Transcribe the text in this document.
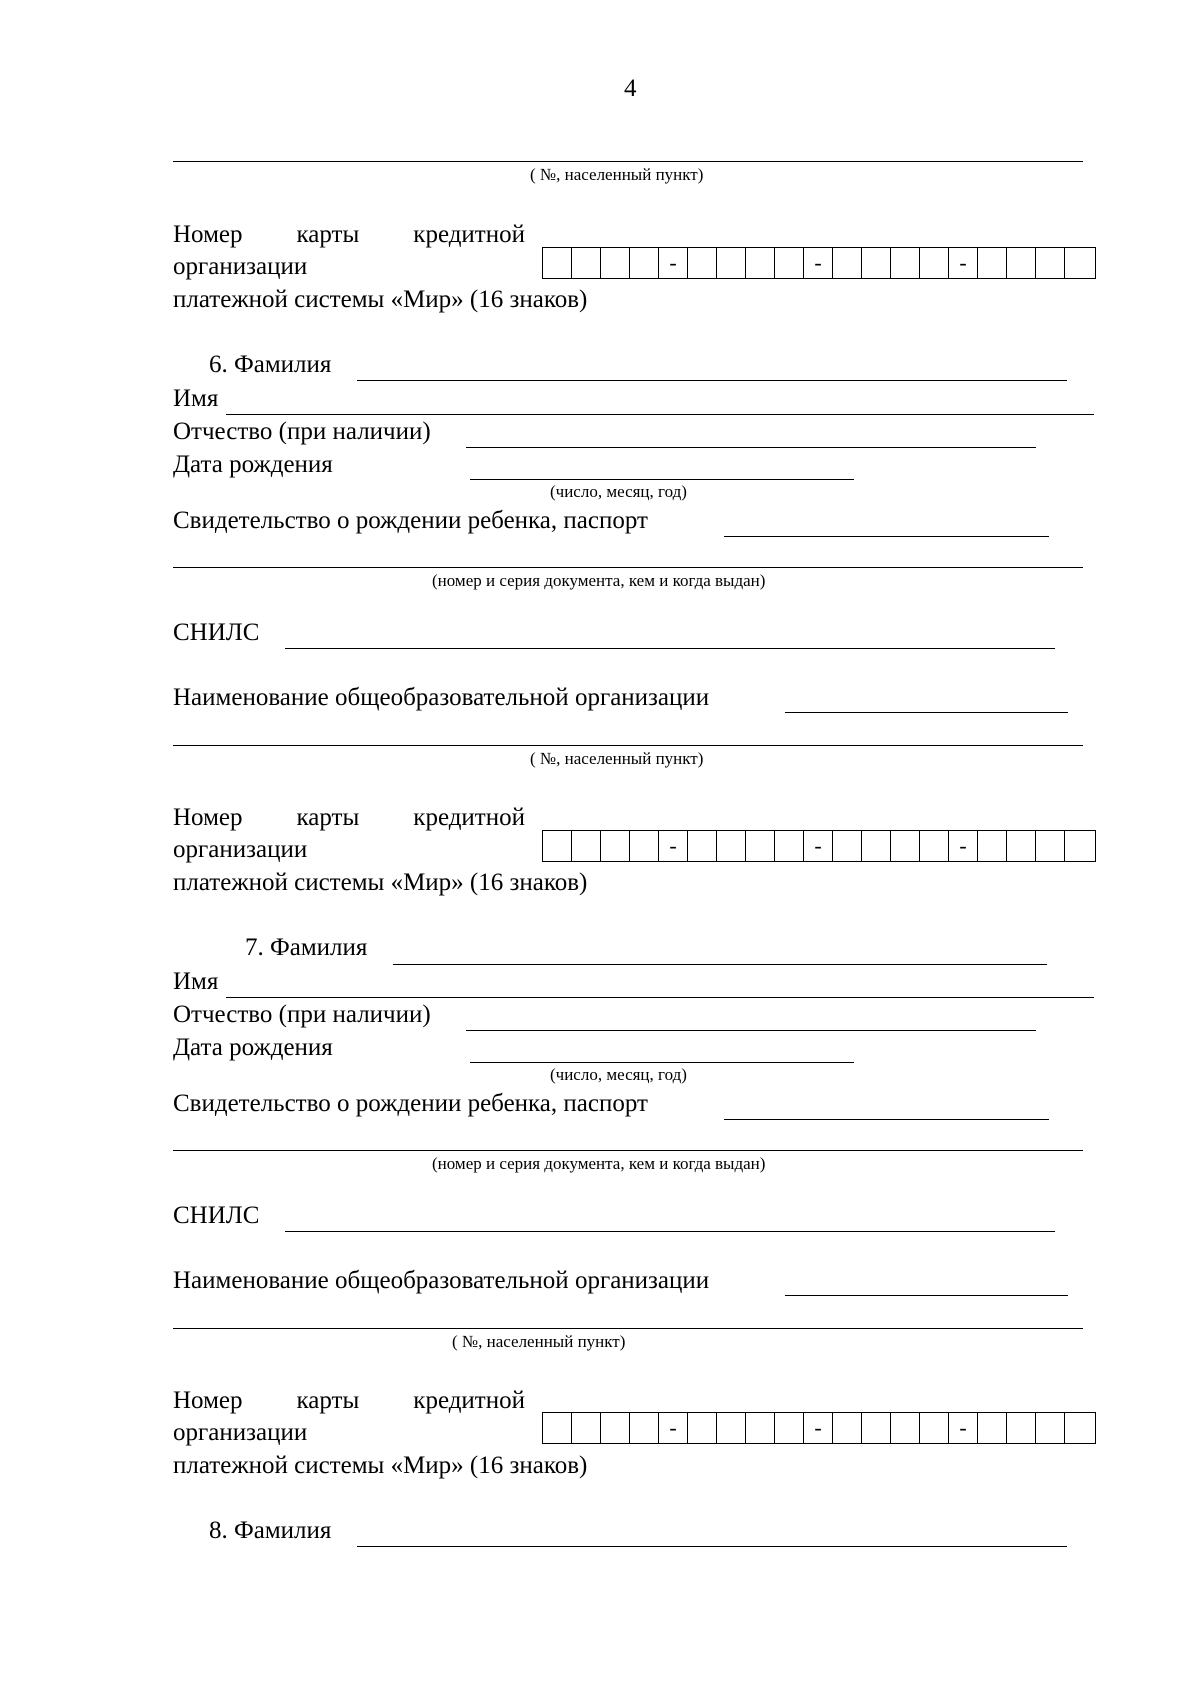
4
( №, населенный пункт)
Номер карты кредитной
организации
платежной системы «Мир» (16 знаков)
-	-	-
6. Фамилия
Имя
Отчество (при наличии)
Дата рождения
(число, месяц, год)
Свидетельство о рождении ребенка, паспорт
(номер и серия документа, кем и когда выдан)
СНИЛС
Наименование общеобразовательной организации
( №, населенный пункт)
Номер карты кредитной
организации
платежной системы «Мир» (16 знаков)
-	-	-
7. Фамилия
Имя
Отчество (при наличии)
Дата рождения
(число, месяц, год)
Свидетельство о рождении ребенка, паспорт
(номер и серия документа, кем и когда выдан)
СНИЛС
Наименование общеобразовательной организации
( №, населенный пункт)
Номер карты кредитной
организации
платежной системы «Мир» (16 знаков)
-	-	-
8. Фамилия
